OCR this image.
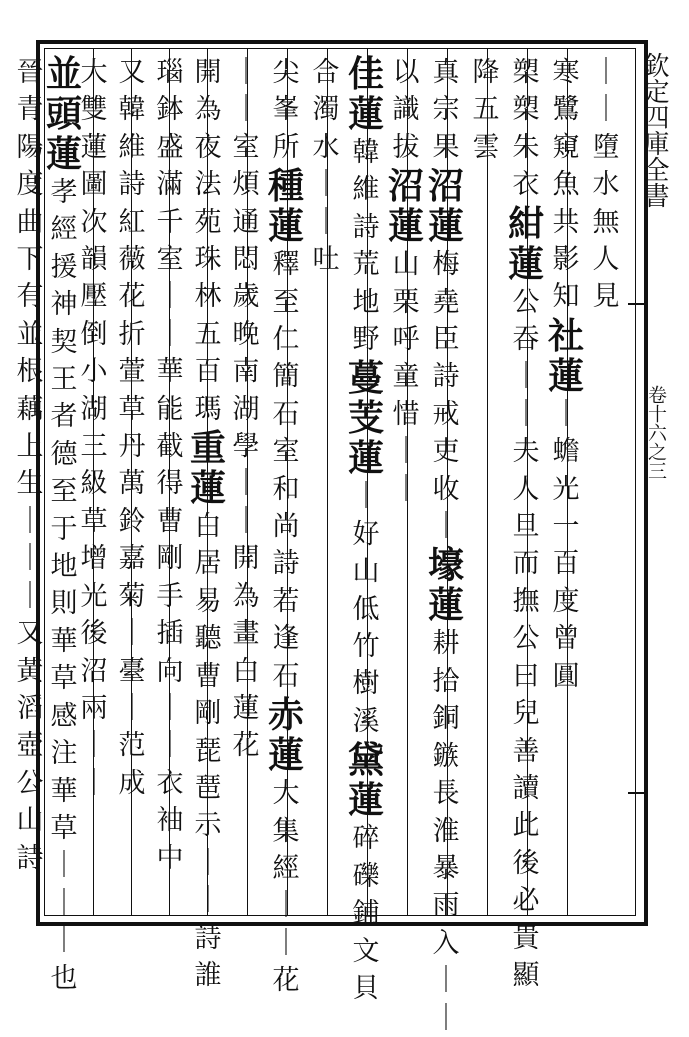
欽定四庫全書
卷十六之三
｜
｜
墮
水
無
人
見
寒
鷺
窺
魚
共
影
知
社
蓮
｜
蟾
光
一
百
度
曾
圓
槊
槊
朱
衣
紺
蓮
公
吞
｜
｜
夫
人
旦
而
撫
公
曰
兒
善
讀
此
後
必
貴
顯
降
五
雲
真
宗
果
沼
蓮
梅
堯
臣
詩
戒
吏
收
｜
壕
蓮
耕
拾
銅
鏃
長
淮
暴
雨
入
｜
｜
以
識
拔
沼
蓮
山
栗
呼
童
惜
｜
｜
佳
蓮
韓
維
詩
荒
地
野
蔓
芰
蓮
｜
好
山
低
竹
樹
溪
黛
蓮
碎
礫
鋪
文
貝
合
濁
水
｜
｜
吐
尖
峯
所
種
蓮
釋
至
仁
簡
石
室
和
尚
詩
若
逢
石
赤
蓮
大
集
經
｜
｜
花
｜
｜
室
煩
通
悶
歲
晚
南
湖
學
｜
｜
開
為
畫
白
蓮
花
開
為
夜
法
苑
珠
林
五
百
瑪
重
蓮
白
居
易
聽
曹
剛
琵
琶
示
｜
｜
詩
誰
瑙
鉢
盛
滿
千
室
｜
｜
華
能
截
得
曹
剛
手
插
向
｜
｜
衣
袖
中
又
韓
維
詩
紅
薇
花
折
萱
草
丹
萬
鈴
嘉
菊
｜
臺
｜
范
成
大
雙
蓮
圖
次
韻
壓
倒
小
湖
三
級
草
增
光
後
沼
兩
｜
｜
並
頭
蓮
孝
經
援
神
契
王
者
德
至
于
地
則
華
草
感
注
華
草
｜
｜
｜
也
晉
青
陽
度
曲
下
有
並
根
藕
上
生
｜
｜
｜
又
黃
滔
壺
公
山
詩
